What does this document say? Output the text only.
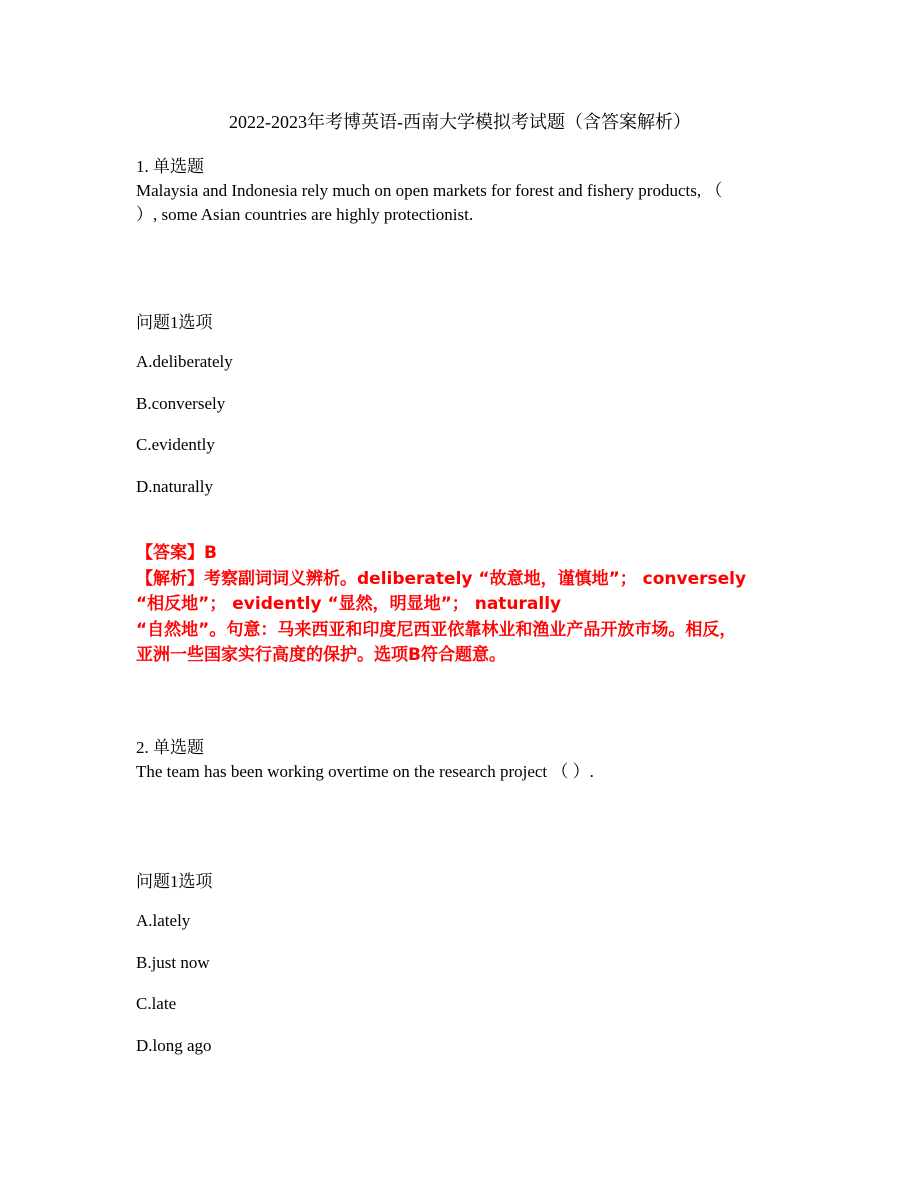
2022-2023年考博英语-西南大学模拟考试题（含答案解析）
1. 单选题
Malaysia and Indonesia rely much on open markets for forest and fishery products, （
）, some Asian countries are highly protectionist.
问题1选项
A.deliberately
B.conversely
C.evidently
D.naturally
【答案】B
【解析】考察副词词义辨析。deliberately “故意地，谨慎地”； conversely
“相反地”； evidently “显然，明显地”； naturally
“自然地”。句意：马来西亚和印度尼西亚依靠林业和渔业产品开放市场。相反，
亚洲一些国家实行高度的保护。选项B符合题意。
2. 单选题
The team has been working overtime on the research project （ ）.
问题1选项
A.lately
B.just now
C.late
D.long ago
